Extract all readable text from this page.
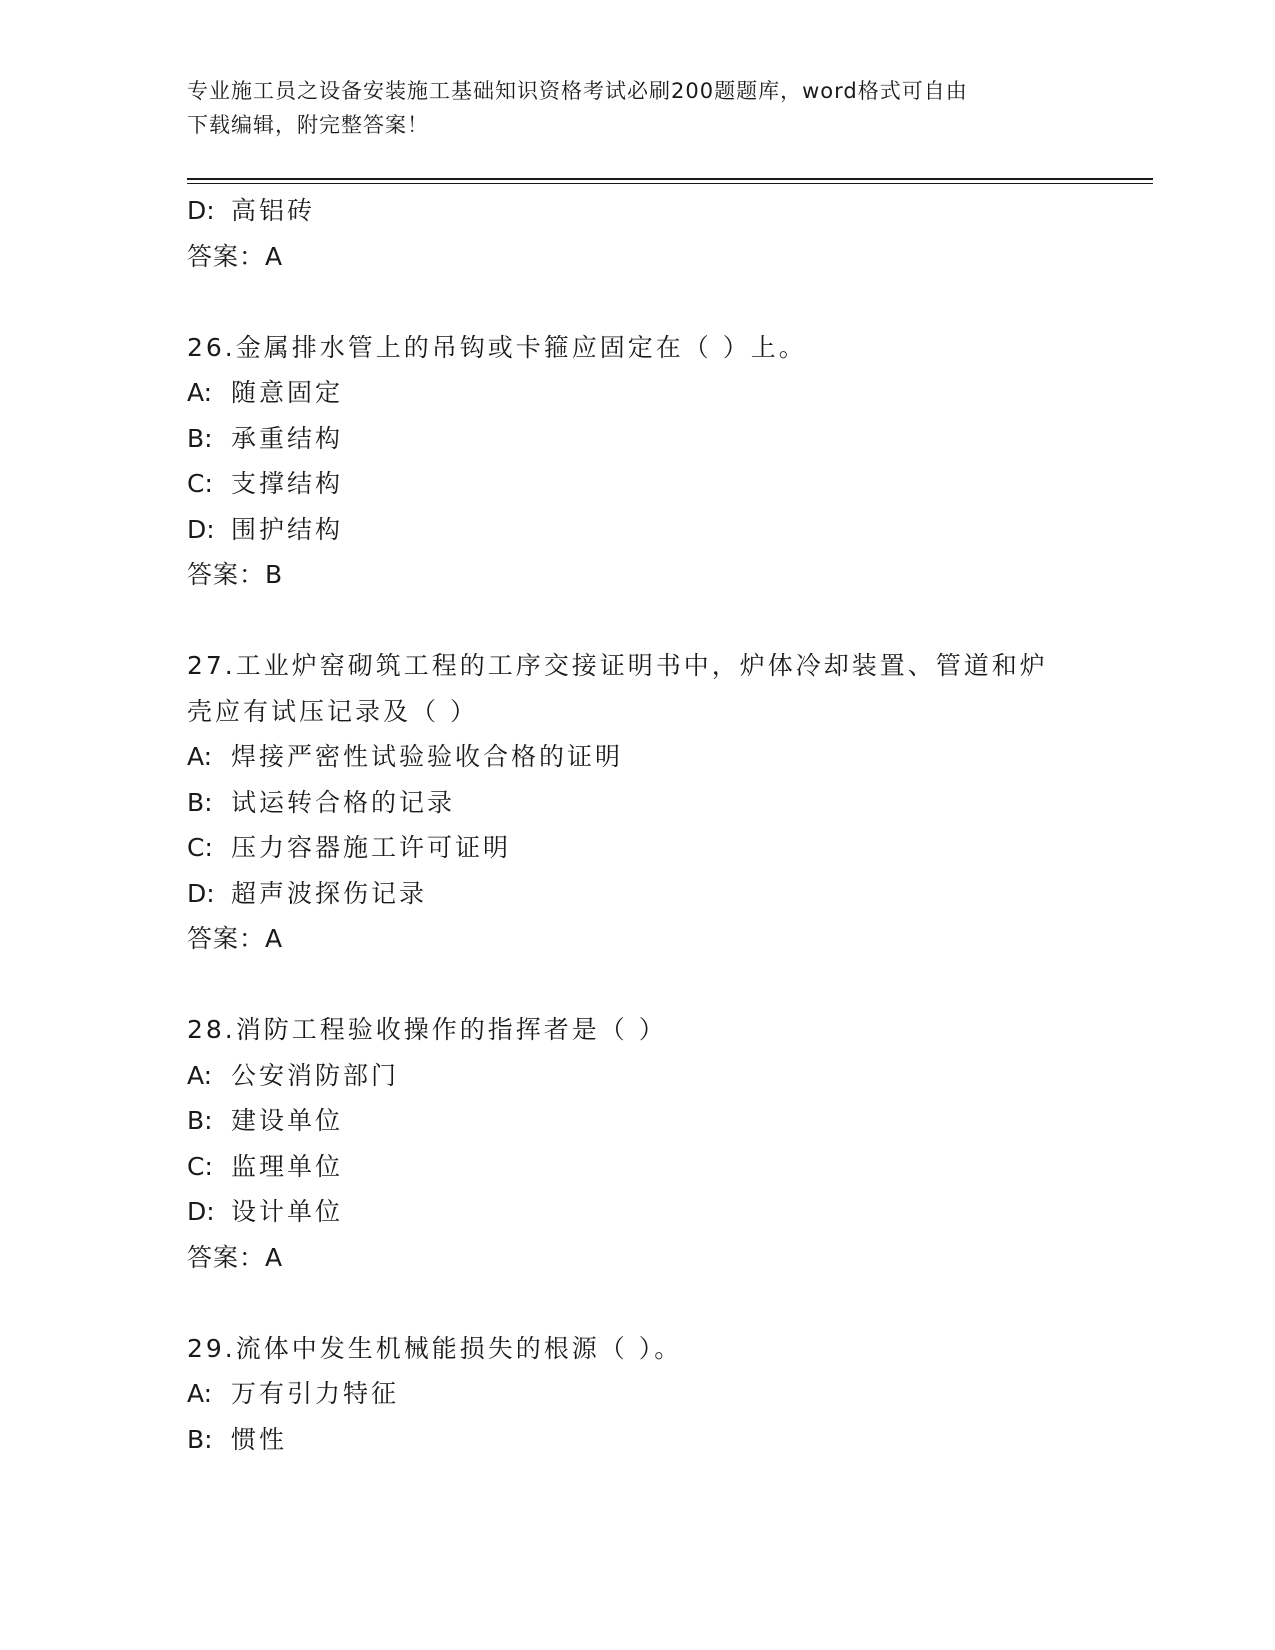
专业施工员之设备安装施工基础知识资格考试必刷200题题库，word格式可自由
下载编辑，附完整答案！
D: 高铝砖
答案：A
26.金属排水管上的吊钩或卡箍应固定在（ ）上。
A: 随意固定
B: 承重结构
C: 支撑结构
D: 围护结构
答案：B
27.工业炉窑砌筑工程的工序交接证明书中，炉体冷却装置、管道和炉
壳应有试压记录及（ ）
A: 焊接严密性试验验收合格的证明
B: 试运转合格的记录
C: 压力容器施工许可证明
D: 超声波探伤记录
答案：A
28.消防工程验收操作的指挥者是（ ）
A: 公安消防部门
B: 建设单位
C: 监理单位
D: 设计单位
答案：A
29.流体中发生机械能损失的根源（ ）。
A: 万有引力特征
B: 惯性
